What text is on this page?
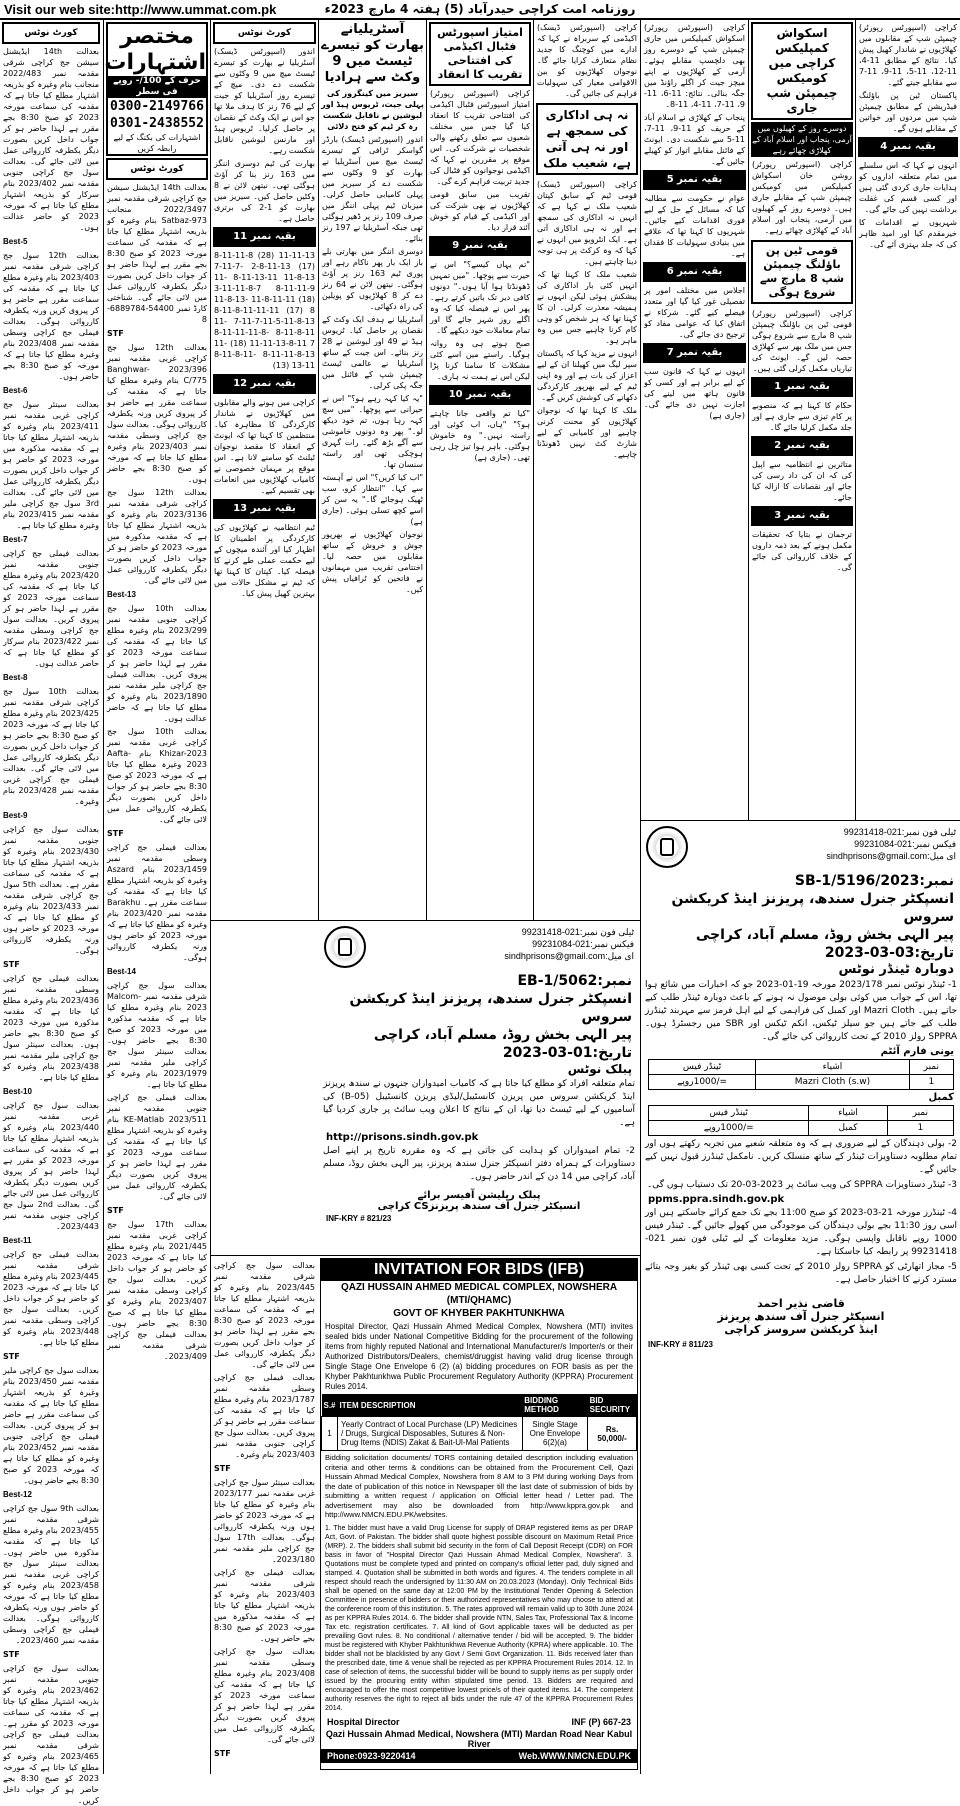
Visit our web site:http://www.ummat.com.pk	روزنامہ امت کراچی حیدرآباد (5) ہفتہ 4 مارچ 2023ء
کورٹ نوٹس
بعدالت 14th ایڈیشنل سیشن جج کراچی شرقی مقدمہ نمبر 2022/483 منجانب بنام وغیرہ کو بذریعہ اشتہار مطلع کیا جاتا ہے کہ مقدمہ کی سماعت مورخہ 2023 کو صبح 8:30 بجے مقرر ہے لہذا حاضر ہو کر جواب داخل کریں بصورت دیگر یکطرفہ کارروائی عمل میں لائی جائے گی۔ بعدالت سول جج کراچی جنوبی مقدمہ نمبر 2023/402 بنام سرکار کو بذریعہ اشتہار مطلع کیا جاتا ہے کہ مورخہ 2023 کو حاضر عدالت ہوں۔
Best-5
بعدالت 12th سول جج کراچی شرقی مقدمہ نمبر 2023/403 بنام وغیرہ مطلع کیا جاتا ہے کہ مقدمہ کی سماعت مقرر ہے حاضر ہو کر پیروی کریں ورنہ یکطرفہ کارروائی ہوگی۔ بعدالت فیملی جج کراچی وسطی مقدمہ نمبر 2023/408 بنام وغیرہ مطلع کیا جاتا ہے کہ مورخہ کو صبح 8:30 بجے حاضر ہوں۔
Best-6
بعدالت سینئر سول جج کراچی غربی مقدمہ نمبر 2023/411 بنام وغیرہ کو بذریعہ اشتہار مطلع کیا جاتا ہے کہ مقدمہ مذکورہ میں مورخہ 2023 کو حاضر ہو کر جواب داخل کریں بصورت دیگر یکطرفہ کارروائی عمل میں لائی جائے گی۔ بعدالت 3rd سول جج کراچی ملیر مقدمہ نمبر 2023/415 بنام وغیرہ مطلع کیا جاتا ہے۔
Best-7
بعدالت فیملی جج کراچی جنوبی مقدمہ نمبر 2023/420 بنام وغیرہ مطلع کیا جاتا ہے کہ مقدمہ کی سماعت مورخہ 2023 کو مقرر ہے لہذا حاضر ہو کر پیروی کریں۔ بعدالت سول جج کراچی وسطی مقدمہ نمبر 2023/422 بنام سرکار کو مطلع کیا جاتا ہے کہ حاضر عدالت ہوں۔
Best-8
بعدالت 10th سول جج کراچی شرقی مقدمہ نمبر 2023/425 بنام وغیرہ مطلع کیا جاتا ہے کہ مورخہ 2023 کو صبح 8:30 بجے حاضر ہو کر جواب داخل کریں بصورت دیگر یکطرفہ کارروائی عمل میں لائی جائے گی۔ بعدالت فیملی جج کراچی غربی مقدمہ نمبر 2023/428 بنام وغیرہ۔
Best-9
بعدالت سول جج کراچی جنوبی مقدمہ نمبر 2023/430 بنام وغیرہ کو بذریعہ اشتہار مطلع کیا جاتا ہے کہ مقدمہ کی سماعت مقرر ہے۔ بعدالت 5th سول جج کراچی شرقی مقدمہ نمبر 2023/433 بنام وغیرہ کو مطلع کیا جاتا ہے کہ مورخہ 2023 کو حاضر ہوں ورنہ یکطرفہ کارروائی ہوگی۔
STF
بعدالت فیملی جج کراچی وسطی مقدمہ نمبر 2023/436 بنام وغیرہ مطلع کیا جاتا ہے کہ مقدمہ مذکورہ میں مورخہ 2023 کو صبح 8:30 بجے حاضر ہوں۔ بعدالت سینئر سول جج کراچی ملیر مقدمہ نمبر 2023/438 بنام وغیرہ کو مطلع کیا جاتا ہے۔
Best-10
بعدالت سول جج کراچی غربی مقدمہ نمبر 2023/440 بنام وغیرہ کو بذریعہ اشتہار مطلع کیا جاتا ہے کہ مقدمہ کی سماعت مورخہ 2023 کو مقرر ہے لہذا حاضر ہو کر پیروی کریں بصورت دیگر یکطرفہ کارروائی عمل میں لائی جائے گی۔ بعدالت 2nd سول جج کراچی جنوبی مقدمہ نمبر 2023/443۔
Best-11
بعدالت فیملی جج کراچی شرقی مقدمہ نمبر 2023/445 بنام وغیرہ مطلع کیا جاتا ہے کہ مورخہ 2023 کو حاضر ہو کر جواب داخل کریں۔ بعدالت سول جج کراچی وسطی مقدمہ نمبر 2023/448 بنام وغیرہ کو مطلع کیا جاتا ہے۔
STF
بعدالت سول جج کراچی ملیر مقدمہ نمبر 2023/450 بنام وغیرہ کو بذریعہ اشتہار مطلع کیا جاتا ہے کہ مقدمہ کی سماعت مقرر ہے حاضر ہو کر پیروی کریں۔ بعدالت فیملی جج کراچی جنوبی مقدمہ نمبر 2023/452 بنام وغیرہ کو مطلع کیا جاتا ہے کہ مورخہ 2023 کو صبح 8:30 بجے حاضر ہوں۔
Best-12
بعدالت 9th سول جج کراچی شرقی مقدمہ نمبر 2023/455 بنام وغیرہ مطلع کیا جاتا ہے کہ مقدمہ مذکورہ میں حاضر ہوں۔ بعدالت سینئر سول جج کراچی غربی مقدمہ نمبر 2023/458 بنام وغیرہ کو مطلع کیا جاتا ہے کہ مورخہ کو حاضر ہوں ورنہ یکطرفہ کارروائی ہوگی۔ بعدالت فیملی جج کراچی وسطی مقدمہ نمبر 2023/460۔
STF
بعدالت سول جج کراچی جنوبی مقدمہ نمبر 2023/462 بنام وغیرہ کو بذریعہ اشتہار مطلع کیا جاتا ہے کہ مقدمہ کی سماعت مورخہ 2023 کو مقرر ہے۔ بعدالت فیملی جج کراچی شرقی مقدمہ نمبر 2023/465 بنام وغیرہ کو مطلع کیا جاتا ہے کہ مورخہ 2023 کو صبح 8:30 بجے حاضر ہو کر جواب داخل کریں۔
مختصر اشتہارات
حرف کے 100/- روپے فی سطر
0300-2149766
0301-2438552
اشتہارات کی بکنگ کے لیے رابطہ کریں
کورٹ نوٹس
بعدالت 14th ایڈیشنل سیشن جج کراچی شرقی مقدمہ نمبر 2022/3497 منجانب Satbaz-973 بنام وغیرہ کو بذریعہ اشتہار مطلع کیا جاتا ہے کہ مقدمہ کی سماعت مورخہ 2023 کو صبح 8:30 بجے مقرر ہے لہذا حاضر ہو کر جواب داخل کریں بصورت دیگر یکطرفہ کارروائی عمل میں لائی جائے گی۔ شناختی کارڈ نمبر 54400-6889784-8
STF
بعدالت 12th سول جج کراچی غربی مقدمہ نمبر 2023/396 Banghwar-C/775 بنام وغیرہ مطلع کیا جاتا ہے کہ مقدمہ کی سماعت مقرر ہے حاضر ہو کر پیروی کریں ورنہ یکطرفہ کارروائی ہوگی۔ بعدالت سول جج کراچی وسطی مقدمہ نمبر 2023/403 بنام وغیرہ مطلع کیا جاتا ہے کہ مورخہ کو صبح 8:30 بجے حاضر ہوں۔
بعدالت 12th سول جج کراچی شرقی مقدمہ نمبر 2023/3136 بنام وغیرہ کو بذریعہ اشتہار مطلع کیا جاتا ہے کہ مقدمہ مذکورہ میں مورخہ 2023 کو حاضر ہو کر جواب داخل کریں بصورت دیگر یکطرفہ کارروائی عمل میں لائی جائے گی۔
Best-13
بعدالت 10th سول جج کراچی جنوبی مقدمہ نمبر 2023/299 بنام وغیرہ مطلع کیا جاتا ہے کہ مقدمہ کی سماعت مورخہ 2023 کو مقرر ہے لہذا حاضر ہو کر پیروی کریں۔ بعدالت فیملی جج کراچی ملیر مقدمہ نمبر 2023/1890 بنام وغیرہ کو مطلع کیا جاتا ہے کہ حاضر عدالت ہوں۔
بعدالت 10th سول جج کراچی غربی مقدمہ نمبر Khizar-2023 بنام Aafta-2023 وغیرہ مطلع کیا جاتا ہے کہ مورخہ 2023 کو صبح 8:30 بجے حاضر ہو کر جواب داخل کریں بصورت دیگر یکطرفہ کارروائی عمل میں لائی جائے گی۔
STF
بعدالت فیملی جج کراچی وسطی مقدمہ نمبر 2023/1459 بنام Aszard وغیرہ کو بذریعہ اشتہار مطلع کیا جاتا ہے کہ مقدمہ کی سماعت مقرر ہے۔ Barakhu مقدمہ نمبر 2023/420 بنام وغیرہ کو مطلع کیا جاتا ہے کہ مورخہ 2023 کو حاضر ہوں ورنہ یکطرفہ کارروائی ہوگی۔
Best-14
بعدالت سول جج کراچی شرقی مقدمہ نمبر Malcom-2023 بنام وغیرہ مطلع کیا جاتا ہے کہ مقدمہ مذکورہ میں مورخہ 2023 کو صبح 8:30 بجے حاضر ہوں۔ بعدالت سینئر سول جج کراچی ملیر مقدمہ نمبر 2023/1979 بنام وغیرہ کو مطلع کیا جاتا ہے۔
بعدالت فیملی جج کراچی جنوبی مقدمہ نمبر 2023/511 KE-Matlab بنام وغیرہ کو بذریعہ اشتہار مطلع کیا جاتا ہے کہ مقدمہ کی سماعت مورخہ 2023 کو مقرر ہے لہذا حاضر ہو کر پیروی کریں بصورت دیگر یکطرفہ کارروائی عمل میں لائی جائے گی۔
STF
بعدالت 17th سول جج کراچی غربی مقدمہ نمبر 2021/445 بنام وغیرہ مطلع کیا جاتا ہے کہ مورخہ 2023 کو حاضر ہو کر جواب داخل کریں۔ بعدالت سول جج کراچی وسطی مقدمہ نمبر 2023/407 بنام وغیرہ کو مطلع کیا جاتا ہے کہ صبح 8:30 بجے حاضر ہوں۔ بعدالت فیملی جج کراچی شرقی مقدمہ نمبر 2023/409۔
کورٹ نوٹس
اندور (اسپورٹس ڈیسک) آسٹریلیا نے بھارت کو تیسرے ٹیسٹ میچ میں 9 وکٹوں سے شکست دے دی۔ میچ کے تیسرے روز آسٹریلیا کو جیت کے لیے 76 رنز کا ہدف ملا تھا جو اس نے ایک وکٹ کے نقصان پر حاصل کرلیا۔ ٹریوس ہیڈ اور مارنس لبوشین ناقابل شکست رہے۔
بھارت کی ٹیم دوسری اننگز میں 163 رنز بنا کر آؤٹ ہوگئی تھی۔ نیتھن لائن نے 8 وکٹیں حاصل کیں۔ سیریز میں بھارت کو 1-2 کی برتری حاصل ہے۔
بقیہ نمبر 11
11-11-13 (28) 8-11-11-8 (17) 2-8-11-13 7-11-7-11-8-13 8-11-13-11 11-8-11-11-9 3-11-11-8-7 (18) 11-8-11-11 11-8-13-8 (17) 8-11-8-11-11-11 7-11-7-11-5-11-8-13 11-8-11-8-11 8-11-11-11-8-7 11-11-13-8-11 (18) 11-8-11-11-8-13 8-11-8-11-13-11 (13)
بقیہ نمبر 12
کراچی میں ہونے والے مقابلوں میں کھلاڑیوں نے شاندار کارکردگی کا مظاہرہ کیا۔ منتظمین کا کہنا تھا کہ ایونٹ کے انعقاد کا مقصد نوجوان ٹیلنٹ کو سامنے لانا ہے۔ اس موقع پر مہمان خصوصی نے کامیاب کھلاڑیوں میں انعامات بھی تقسیم کیے۔
بقیہ نمبر 13
ٹیم انتظامیہ نے کھلاڑیوں کی کارکردگی پر اطمینان کا اظہار کیا اور آئندہ میچوں کے لیے حکمت عملی طے کرنے کا فیصلہ کیا۔ کپتان کا کہنا تھا کہ ٹیم نے مشکل حالات میں بہترین کھیل پیش کیا۔
آسٹریلیانے بھارت کو تیسرے ٹیسٹ میں 9 وکٹ سے ہرادیا
سیریز میں کینگروز کی پہلی جیت، ٹریوس ہیڈ اور لبوشین نے ناقابل شکست رہ کر ٹیم کو فتح دلائی
اندور (اسپورٹس ڈیسک) بارڈر گواسکر ٹرافی کے تیسرے ٹیسٹ میچ میں آسٹریلیا نے بھارت کو 9 وکٹوں سے شکست دے کر سیریز میں پہلی کامیابی حاصل کرلی۔ میزبان ٹیم پہلی اننگز میں صرف 109 رنز پر ڈھیر ہوگئی تھی جبکہ آسٹریلیا نے 197 رنز بنائے۔
دوسری اننگز میں بھارتی بلے باز ایک بار پھر ناکام رہے اور پوری ٹیم 163 رنز پر آؤٹ ہوگئی۔ نیتھن لائن نے 64 رنز دے کر 8 کھلاڑیوں کو پویلین کی راہ دکھائی۔
آسٹریلیا نے ہدف ایک وکٹ کے نقصان پر حاصل کیا۔ ٹریوس ہیڈ نے 49 اور لبوشین نے 28 رنز بنائے۔ اس جیت کے ساتھ آسٹریلیا نے عالمی ٹیسٹ چیمپئن شپ کے فائنل میں جگہ پکی کرلی۔
"یہ کیا کہہ رہے ہو؟" اس نے حیرانی سے پوچھا۔ "میں سچ کہہ رہا ہوں، تم خود دیکھ لو۔" پھر وہ دونوں خاموشی سے آگے بڑھ گئے۔ رات گہری ہوچکی تھی اور راستہ سنسان تھا۔
"اب کیا کریں؟" اس نے آہستہ سے کہا۔ "انتظار کرو، سب ٹھیک ہوجائے گا۔" یہ سن کر اسے کچھ تسلی ہوئی۔ (جاری ہے)
نوجوان کھلاڑیوں نے بھرپور جوش و خروش کے ساتھ مقابلوں میں حصہ لیا۔ اختتامی تقریب میں مہمانوں نے فاتحین کو ٹرافیاں پیش کیں۔
امتیاز اسپورٹس فٹبال اکیڈمی کی افتتاحی تقریب کا انعقاد
کراچی (اسپورٹس رپورٹر) امتیاز اسپورٹس فٹبال اکیڈمی کی افتتاحی تقریب کا انعقاد کیا گیا جس میں مختلف شعبوں سے تعلق رکھنے والی شخصیات نے شرکت کی۔ اس موقع پر مقررین نے کہا کہ اکیڈمی نوجوانوں کو فٹبال کی جدید تربیت فراہم کرے گی۔
تقریب میں سابق قومی کھلاڑیوں نے بھی شرکت کی اور اکیڈمی کے قیام کو خوش آئند قرار دیا۔
بقیہ نمبر 9
"تم یہاں کیسے؟" اس نے حیرت سے پوچھا۔ "میں تمہیں ڈھونڈتا ہوا آیا ہوں۔" دونوں کافی دیر تک باتیں کرتے رہے۔ پھر اس نے فیصلہ کیا کہ وہ اگلے روز شہر جائے گا اور تمام معاملات خود دیکھے گا۔
صبح ہوتے ہی وہ روانہ ہوگیا۔ راستے میں اسے کئی مشکلات کا سامنا کرنا پڑا لیکن اس نے ہمت نہ ہاری۔
بقیہ نمبر 10
"کیا تم واقعی جانا چاہتے ہو؟" "ہاں، اب کوئی اور راستہ نہیں۔" وہ خاموش ہوگئی۔ باہر ہوا تیز چل رہی تھی۔ (جاری ہے)
کراچی (اسپورٹس ڈیسک) اکیڈمی کے سربراہ نے کہا کہ ادارے میں کوچنگ کا جدید نظام متعارف کرایا جائے گا۔ نوجوان کھلاڑیوں کو بین الاقوامی معیار کی سہولیات فراہم کی جائیں گی۔
نہ ہی اداکاری کی سمجھ ہے اور نہ ہی آتی ہے، شعیب ملک
کراچی (اسپورٹس ڈیسک) قومی ٹیم کے سابق کپتان شعیب ملک نے کہا ہے کہ انہیں نہ اداکاری کی سمجھ ہے اور نہ ہی اداکاری آتی ہے۔ ایک انٹرویو میں انہوں نے کہا کہ وہ کرکٹ پر ہی توجہ دینا چاہتے ہیں۔
شعیب ملک کا کہنا تھا کہ انہیں کئی بار اداکاری کی پیشکش ہوئی لیکن انہوں نے ہمیشہ معذرت کرلی۔ ان کا کہنا تھا کہ ہر شخص کو وہی کام کرنا چاہیے جس میں وہ ماہر ہو۔
انہوں نے مزید کہا کہ پاکستان سپر لیگ میں کھیلنا ان کے لیے اعزاز کی بات ہے اور وہ اپنی ٹیم کے لیے بھرپور کارکردگی دکھانے کی کوشش کریں گے۔
ملک کا کہنا تھا کہ نوجوان کھلاڑیوں کو محنت کرنی چاہیے اور کامیابی کے لیے شارٹ کٹ نہیں ڈھونڈنا چاہیے۔
کراچی (اسپورٹس رپورٹر) اسکواش کمپلیکس میں جاری چیمپئن شپ کے دوسرے روز بھی دلچسپ مقابلے ہوئے۔ آرمی کے کھلاڑیوں نے اپنے میچز جیت کر اگلے راؤنڈ میں جگہ بنالی۔ نتائج: 11-6، 11-9، 11-7، 11-4، 11-8۔
پنجاب کے کھلاڑی نے اسلام آباد کے حریف کو 11-9، 11-7، 11-5 سے شکست دی۔ ایونٹ کے فائنل مقابلے اتوار کو کھیلے جائیں گے۔
بقیہ نمبر 5
عوام نے حکومت سے مطالبہ کیا کہ مسائل کے حل کے لیے فوری اقدامات کیے جائیں۔ شہریوں کا کہنا تھا کہ علاقے میں بنیادی سہولیات کا فقدان ہے۔
بقیہ نمبر 6
اجلاس میں مختلف امور پر تفصیلی غور کیا گیا اور متعدد فیصلے کیے گئے۔ شرکاء نے اتفاق کیا کہ عوامی مفاد کو ترجیح دی جائے گی۔
بقیہ نمبر 7
انہوں نے کہا کہ قانون سب کے لیے برابر ہے اور کسی کو قانون ہاتھ میں لینے کی اجازت نہیں دی جائے گی۔ (جاری ہے)
اسکواش کمپلیکس کراچی میں کومیکس چیمپئن شپ جاری
دوسرے روز کے کھیلوں میں آرمی، پنجاب اور اسلام آباد کے کھلاڑی چھائے رہے
کراچی (اسپورٹس رپورٹر) روشن خان اسکواش کمپلیکس میں کومیکس چیمپئن شپ کے مقابلے جاری ہیں۔ دوسرے روز کے کھیلوں میں آرمی، پنجاب اور اسلام آباد کے کھلاڑی چھائے رہے۔
قومی ٹین پن باؤلنگ چیمپئن شپ 8 مارچ سے شروع ہوگی
کراچی (اسپورٹس رپورٹر) قومی ٹین پن باؤلنگ چیمپئن شپ 8 مارچ سے شروع ہوگی جس میں ملک بھر سے کھلاڑی حصہ لیں گے۔ ایونٹ کی تیاریاں مکمل کرلی گئی ہیں۔
بقیہ نمبر 1
حکام کا کہنا ہے کہ منصوبے پر کام تیزی سے جاری ہے اور جلد مکمل کرلیا جائے گا۔
بقیہ نمبر 2
متاثرین نے انتظامیہ سے اپیل کی کہ ان کی داد رسی کی جائے اور نقصانات کا ازالہ کیا جائے۔
بقیہ نمبر 3
ترجمان نے بتایا کہ تحقیقات مکمل ہونے کے بعد ذمہ داروں کے خلاف کارروائی کی جائے گی۔
کراچی (اسپورٹس رپورٹر) چیمپئن شپ کے مقابلوں میں کھلاڑیوں نے شاندار کھیل پیش کیا۔ نتائج کے مطابق 11-4، 11-12، 11-5، 11-9، 11-7 سے مقابلے جیتے گئے۔
پاکستان ٹین پن باؤلنگ فیڈریشن کے مطابق چیمپئن شپ میں مردوں اور خواتین کے مقابلے ہوں گے۔
بقیہ نمبر 4
انہوں نے کہا کہ اس سلسلے میں تمام متعلقہ اداروں کو ہدایات جاری کردی گئی ہیں اور کسی قسم کی غفلت برداشت نہیں کی جائے گی۔
شہریوں نے اقدامات کا خیرمقدم کیا اور امید ظاہر کی کہ جلد بہتری آئے گی۔
ٹیلی فون نمبر:021-99231418
فیکس نمبر:021-99231084
ای میل:sindhprisons@gmail.com
نمبر:EB-1/5062
انسپکٹر جنرل سندھ، پریزنز اینڈ کریکشن سروس
پیر الہی بخش روڈ، مسلم آباد، کراچی
تاریخ:01-03-2023
پبلک نوٹس
تمام متعلقہ افراد کو مطلع کیا جاتا ہے کہ کامیاب امیدواران جنہوں نے سندھ پریزنز اینڈ کریکشن سروس میں پریزن کانسٹیبل/لیڈی پریزن کانسٹیبل (B-05) کی آسامیوں کے لیے ٹیسٹ دیا تھا، ان کے نتائج کا اعلان ویب سائٹ پر جاری کردیا گیا ہے۔
http://prisons.sindh.gov.pk
2- تمام امیدواران کو ہدایت کی جاتی ہے کہ وہ مقررہ تاریخ پر اپنے اصل دستاویزات کے ہمراہ دفتر انسپکٹر جنرل سندھ پریزنز، پیر الہی بخش روڈ، مسلم آباد، کراچی میں 14 دن کے اندر حاضر ہوں۔
پبلک ریلیشن آفیسر برائے
انسپکٹر جنرل آف سندھ پریزنزCS کراچی
INF-KRY # 821/23
INVITATION FOR BIDS (IFB)
QAZI HUSSAIN AHMED MEDICAL COMPLEX, NOWSHERA (MTI/QHAMC)
GOVT OF KHYBER PAKHTUNKHWA
Hospital Director, Qazi Hussain Ahmed Medical Complex, Nowshera (MTI) invites sealed bids under National Competitive Bidding for the procurement of the following items from highly reputed National and International Manufacturer/s Importer/s or their Authorized Distributors/Dealers, chemist/druggist having valid drug license through Single Stage One Envelope 6 (2) (a) bidding procedures on FOR basis as per the Khyber Pakhtunkhwa Public Procurement Regulatory Authority (KPPRA) Procurement Rules 2014.
S.#	ITEM DESCRIPTION	BIDDING METHOD	BID SECURITY
1	Yearly Contract of Local Purchase (LP) Medicines / Drugs, Surgical Disposables, Sutures & Non-Drug Items (NDIS) Zakat & Bait-Ul-Mal Patients	Single Stage One Envelope 6(2)(a)	Rs. 50,000/-
Bidding solicitation documents/ TORS containing detailed description including evaluation criteria and other terms & conditions can be obtained from the Procurement Cell, Qazi Hussain Ahmad Medical Complex, Nowshera from 8 AM to 3 PM during working Days from the date of publication of this notice in Newspaper till the last date of submission of bids by submitting a written request / application on Official letter head / Letter pad. The advertisement may also be downloaded from http://www.kppra.gov.pk and http://www.NMCN.EDU.PK/websites.
1. The bidder must have a valid Drug License for supply of DRAP registered items as per DRAP Act, Govt. of Pakistan. The bidder shall quote highest possible discount on Maximum Retail Price (MRP). 2. The bidders shall submit bid security in the form of Call Deposit Receipt (CDR) on FOR basis in favor of "Hospital Director Qazi Hussain Ahmad Medical Complex, Nowshera". 3. Quotations must be complete typed and printed on company's official letter pad, duly signed and stamped. 4. Quotation shall be submitted in both words and figures. 4. The tenders complete in all respect should reach the undersigned by 11:30 AM on 20.03.2023 (Monday). Only Technical Bids shall be opened on the same day at 12:00 PM by the Institutional Tender Opening & Selection Committee in presence of bidders or their authorized representatives who may choose to attend at the conference room of this institution. 5. The rates approved will remain valid up to 30th June 2024 as per KPPRA Rules 2014. 6. The bidder shall provide NTN, Sales Tax, Professional Tax & Income Tax etc. registration certificates. 7. All kind of Govt applicable taxes will be deducted as per prevailing Govt rules. 8. No conditional / alternative tender / bid will be accepted. 9. The bidder must be registered with Khyber Pakhtunkhwa Revenue Authority (KPRA) where applicable. 10. The bidder shall not be blacklisted by any Govt / Semi Govt Organization. 11. Bids received later than the prescribed date, time & venue shall be rejected as per KPPRA Procurement Rules 2014. 12. In case of selection of items, the successful bidder will be bound to supply items as per supply order issued by the procuring entity within stipulated time period. 13. Bidders are required and encouraged to offer the most competitive lowest price/s of their quoted items. 14. The competent authority reserves the right to reject all bids under the rule 47 of the KPPRA Procurement Rules 2014.
Hospital Director	INF (P) 667-23
Qazi Hussain Ahmad Medical, Nowshera (MTI) Mardan Road Near Kabul River
Phone:0923-9220414	Web.WWW.NMCN.EDU.PK
ٹیلی فون نمبر:021-99231418
فیکس نمبر:021-99231084
ای میل:sindhprisons@gmail.com
نمبر:SB-1/5196/2023
انسپکٹر جنرل سندھ، پریزنز اینڈ کریکشن سروس
پیر الہی بخش روڈ، مسلم آباد، کراچی
تاریخ:03-03-2023
دوبارہ ٹینڈر نوٹس
1- ٹینڈر نوٹس نمبر 2023/178 مورخہ 19-01-2023 جو کہ اخبارات میں شائع ہوا تھا، اس کے جواب میں کوئی بولی موصول نہ ہونے کے باعث دوبارہ ٹینڈر طلب کیے جاتے ہیں۔ Mazri Cloth اور کمبل کی فراہمی کے لیے اہل فرمز سے مہربند ٹینڈرز طلب کیے جاتے ہیں جو سیلز ٹیکس، انکم ٹیکس اور SBR میں رجسٹرڈ ہوں۔ SPPRA رولز 2010 کے تحت کارروائی کی جائے گی۔
یونی فارم آئٹم
نمبر	اشیاء	ٹینڈر فیس
1	Mazri Cloth (s.w)	=/1000روپے
کمبل
نمبر	اشیاء	ٹینڈر فیس
1	کمبل	=/1000روپے
2- بولی دہندگان کے لیے ضروری ہے کہ وہ متعلقہ شعبے میں تجربہ رکھتے ہوں اور تمام مطلوبہ دستاویزات ٹینڈر کے ساتھ منسلک کریں۔ نامکمل ٹینڈرز قبول نہیں کیے جائیں گے۔
3- ٹینڈر دستاویزات SPPRA کی ویب سائٹ پر 2023-03-20 تک دستیاب ہوں گی۔
ppms.ppra.sindh.gov.pk
4- ٹینڈرز مورخہ 21-03-2023 کو صبح 11:00 بجے تک جمع کرائے جاسکتے ہیں اور اسی روز 11:30 بجے بولی دہندگان کی موجودگی میں کھولے جائیں گے۔ ٹینڈر فیس 1000 روپے ناقابل واپسی ہوگی۔ مزید معلومات کے لیے ٹیلی فون نمبر 021-99231418 پر رابطہ کیا جاسکتا ہے۔
5- مجاز اتھارٹی کو SPPRA رولز 2010 کے تحت کسی بھی ٹینڈر کو بغیر وجہ بتائے مسترد کرنے کا اختیار حاصل ہے۔
قاضی نذیر احمد
انسپکٹر جنرل آف سندھ پریزنز
اینڈ کریکشن سروسز کراچی
INF-KRY # 811/23
بعدالت سول جج کراچی شرقی مقدمہ نمبر 2023/445 بنام وغیرہ کو بذریعہ اشتہار مطلع کیا جاتا ہے کہ مقدمہ کی سماعت مورخہ 2023 کو صبح 8:30 بجے مقرر ہے لہذا حاضر ہو کر جواب داخل کریں بصورت دیگر یکطرفہ کارروائی عمل میں لائی جائے گی۔
بعدالت فیملی جج کراچی وسطی مقدمہ نمبر 2023/1787 بنام وغیرہ مطلع کیا جاتا ہے کہ مقدمہ کی سماعت مقرر ہے حاضر ہو کر پیروی کریں۔ بعدالت سول جج کراچی جنوبی مقدمہ نمبر 2023/403 بنام وغیرہ۔
STF
بعدالت سینئر سول جج کراچی غربی مقدمہ نمبر 2023/177 بنام وغیرہ کو مطلع کیا جاتا ہے کہ مورخہ 2023 کو حاضر ہوں ورنہ یکطرفہ کارروائی ہوگی۔ بعدالت 17th سول جج کراچی ملیر مقدمہ نمبر 2023/180۔
بعدالت فیملی جج کراچی شرقی مقدمہ نمبر 2023/403 بنام وغیرہ کو بذریعہ اشتہار مطلع کیا جاتا ہے کہ مقدمہ مذکورہ میں مورخہ 2023 کو صبح 8:30 بجے حاضر ہوں۔
بعدالت سول جج کراچی وسطی مقدمہ نمبر 2023/408 بنام وغیرہ مطلع کیا جاتا ہے کہ مقدمہ کی سماعت مورخہ 2023 کو مقرر ہے لہذا حاضر ہو کر پیروی کریں بصورت دیگر یکطرفہ کارروائی عمل میں لائی جائے گی۔
STF
